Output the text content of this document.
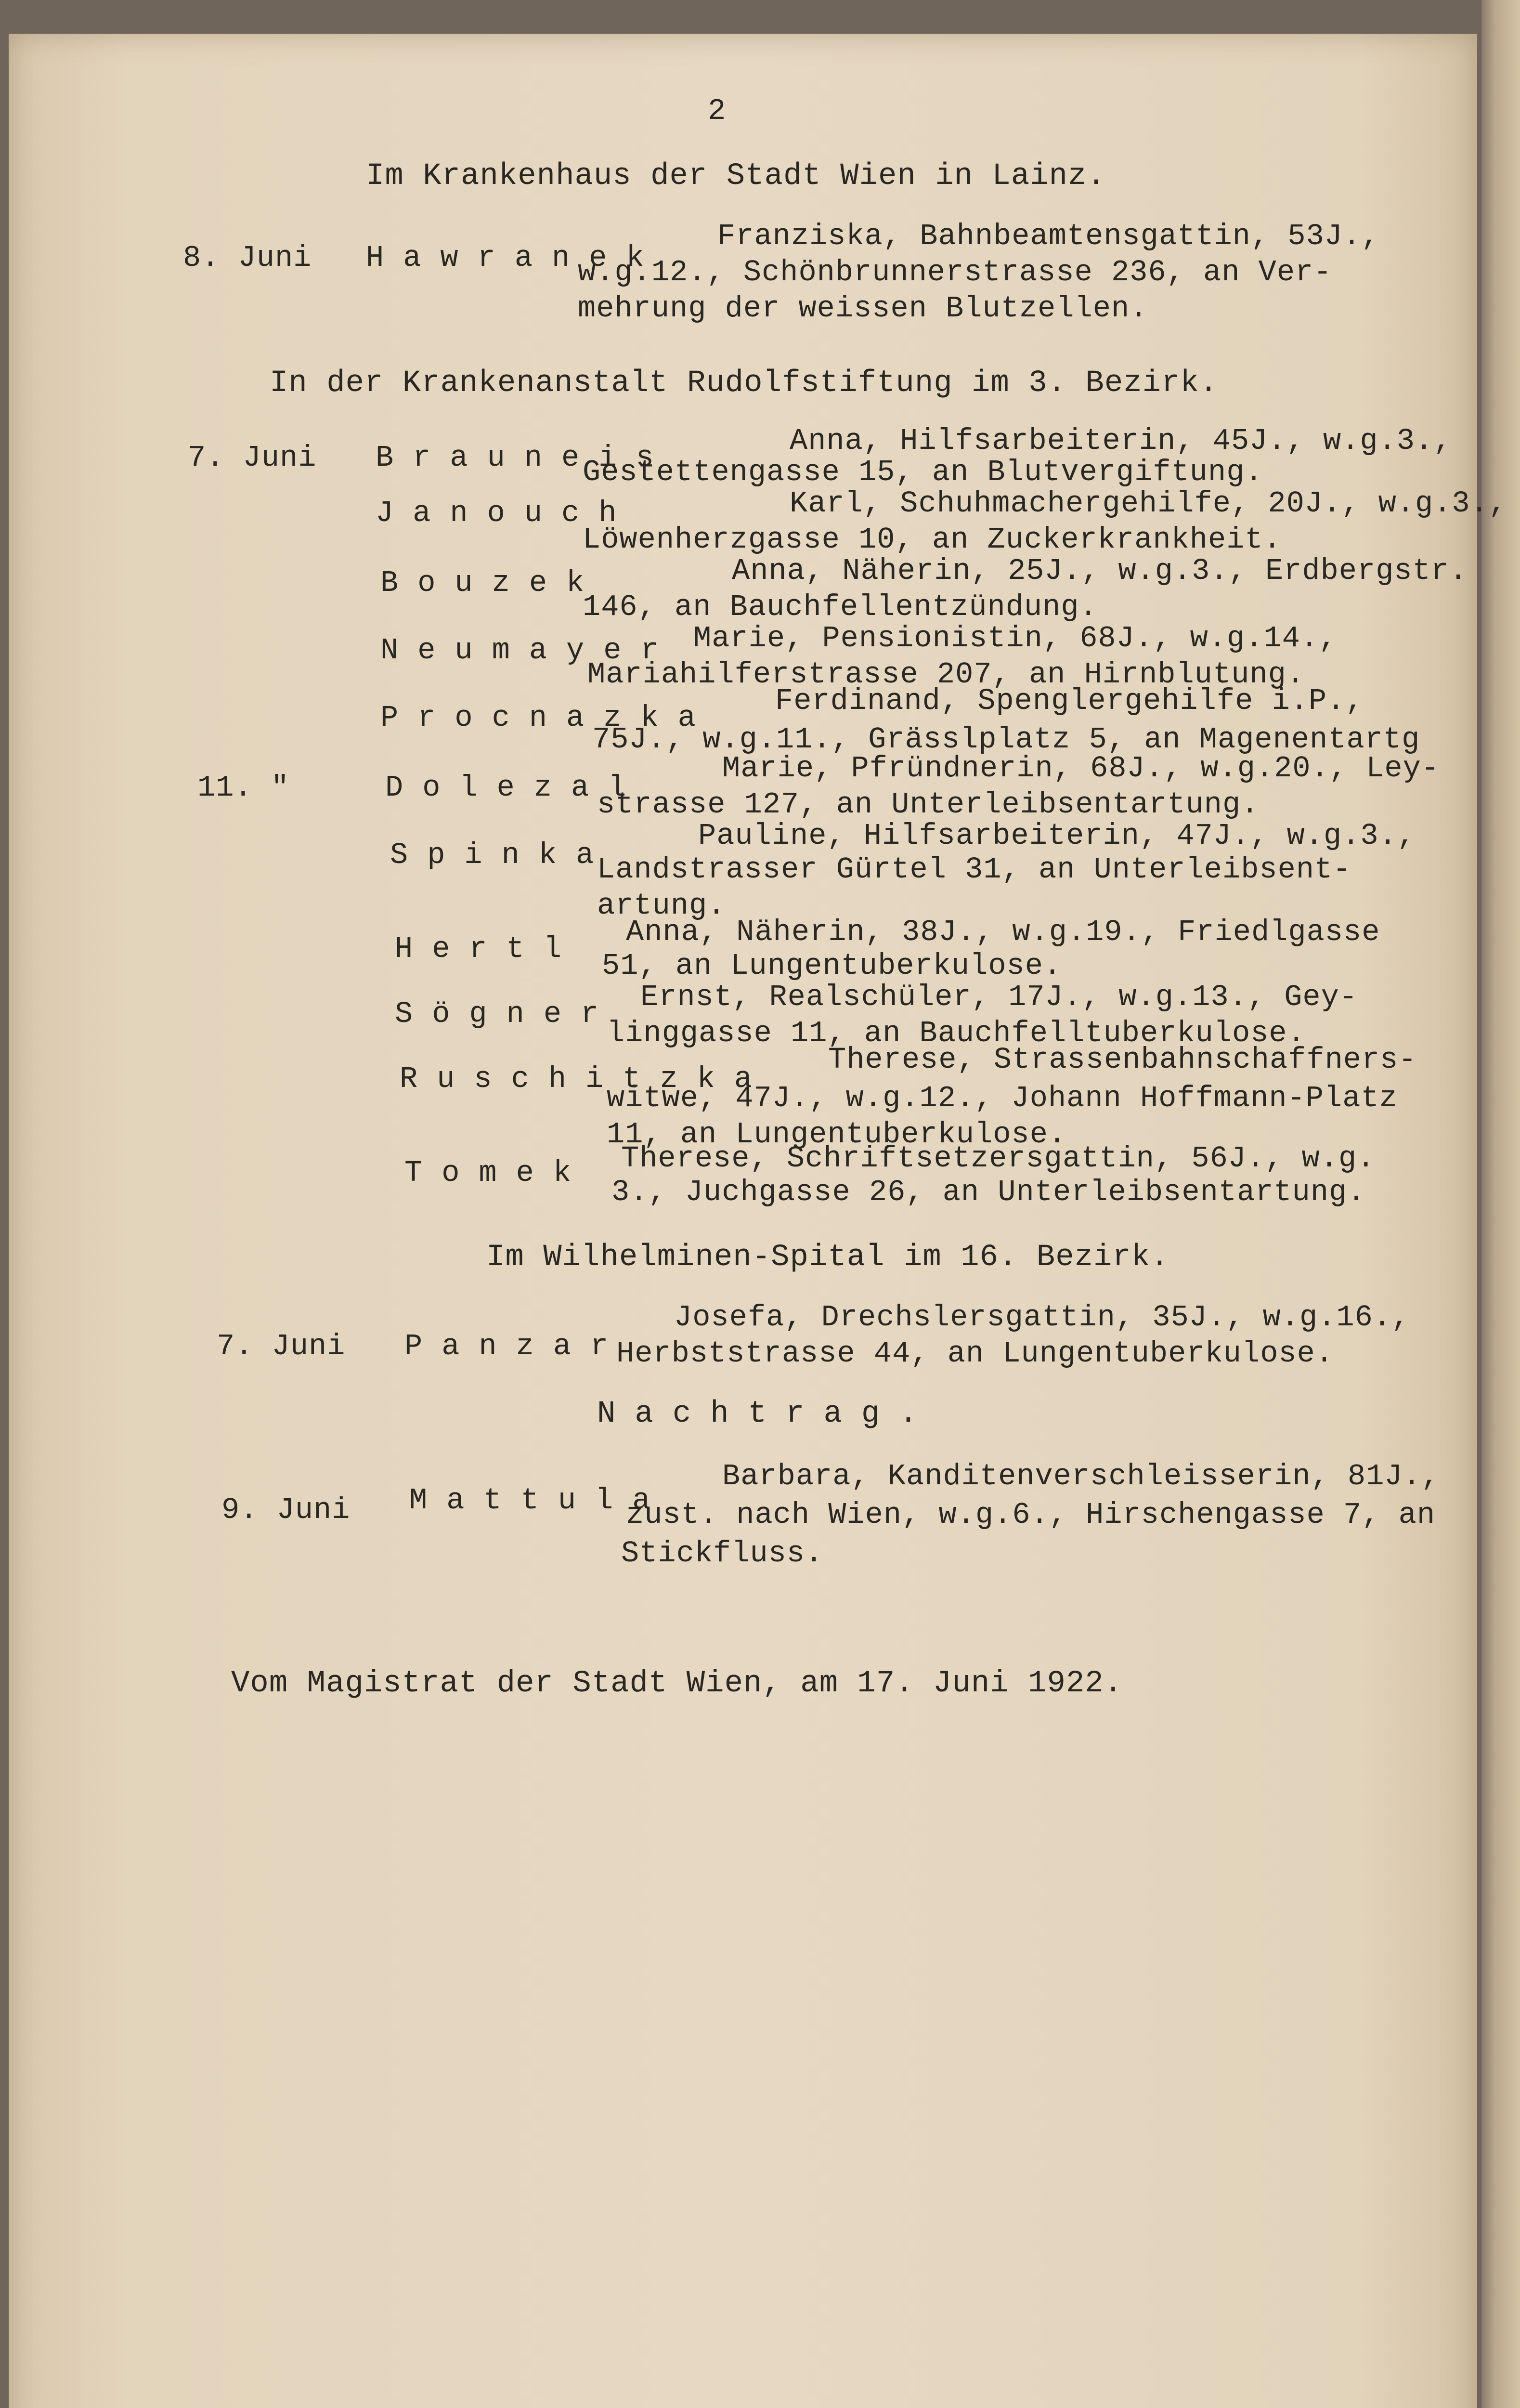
2
Im Krankenhaus der Stadt Wien in Lainz.
8. Juni Hawranek
Franziska, Bahnbeamtensgattin, 53J.,
w.g.12., Schönbrunnerstrasse 236, an Ver-
mehrung der weissen Blutzellen.
In der Krankenanstalt Rudolfstiftung im 3. Bezirk.
7. Juni Brauneis	Anna, Hilfsarbeiterin, 45J., w.g.3.,
Gestettengasse 15, an Blutvergiftung.
Janouch	Karl, Schuhmachergehilfe, 20J., w.g.3.,
Löwenherzgasse 10, an Zuckerkrankheit.
Bouzek	Anna, Näherin, 25J., w.g.3., Erdbergstr.
146, an Bauchfellentzündung.
Neumayer Marie, Pensionistin, 68J., w.g.14.,
Mariahilferstrasse 207, an Hirnblutung.
Procnazka Ferdinand, Spenglergehilfe i.P.,
75J., w.g.11., Grässlplatz 5, an Magenentartg
11. "	Dolezal
Marie, Pfründnerin, 68J., w.g.20., Ley-
strasse 127, an Unterleibsentartung.
Spinka
Pauline, Hilfsarbeiterin, 47J., w.g.3.,
Landstrasser Gürtel 31, an Unterleibsent-
artung.
Hertl Anna, Näherin, 38J., w.g.19., Friedlgasse
51, an Lungentuberkulose.
Sögner Ernst, Realschüler, 17J., w.g.13., Gey-
linggasse 11, an Bauchfelltuberkulose.
Ruschitzka
Therese, Strassenbahnschaffners-
witwe, 47J., w.g.12., Johann Hoffmann-Platz
11, an Lungentuberkulose.
Tomek Therese, Schriftsetzersgattin, 56J., w.g.
3., Juchgasse 26, an Unterleibsentartung.
Im Wilhelminen-Spital im 16. Bezirk.
7. Juni Panzar
Josefa, Drechslersgattin, 35J., w.g.16.,
Herbststrasse 44, an Lungentuberkulose.
Nachtrag.
9. Juni Mattula
Barbara, Kanditenverschleisserin, 81J.,
zust. nach Wien, w.g.6., Hirschengasse 7, an
Stickfluss.
Vom Magistrat der Stadt Wien, am 17. Juni 1922.
